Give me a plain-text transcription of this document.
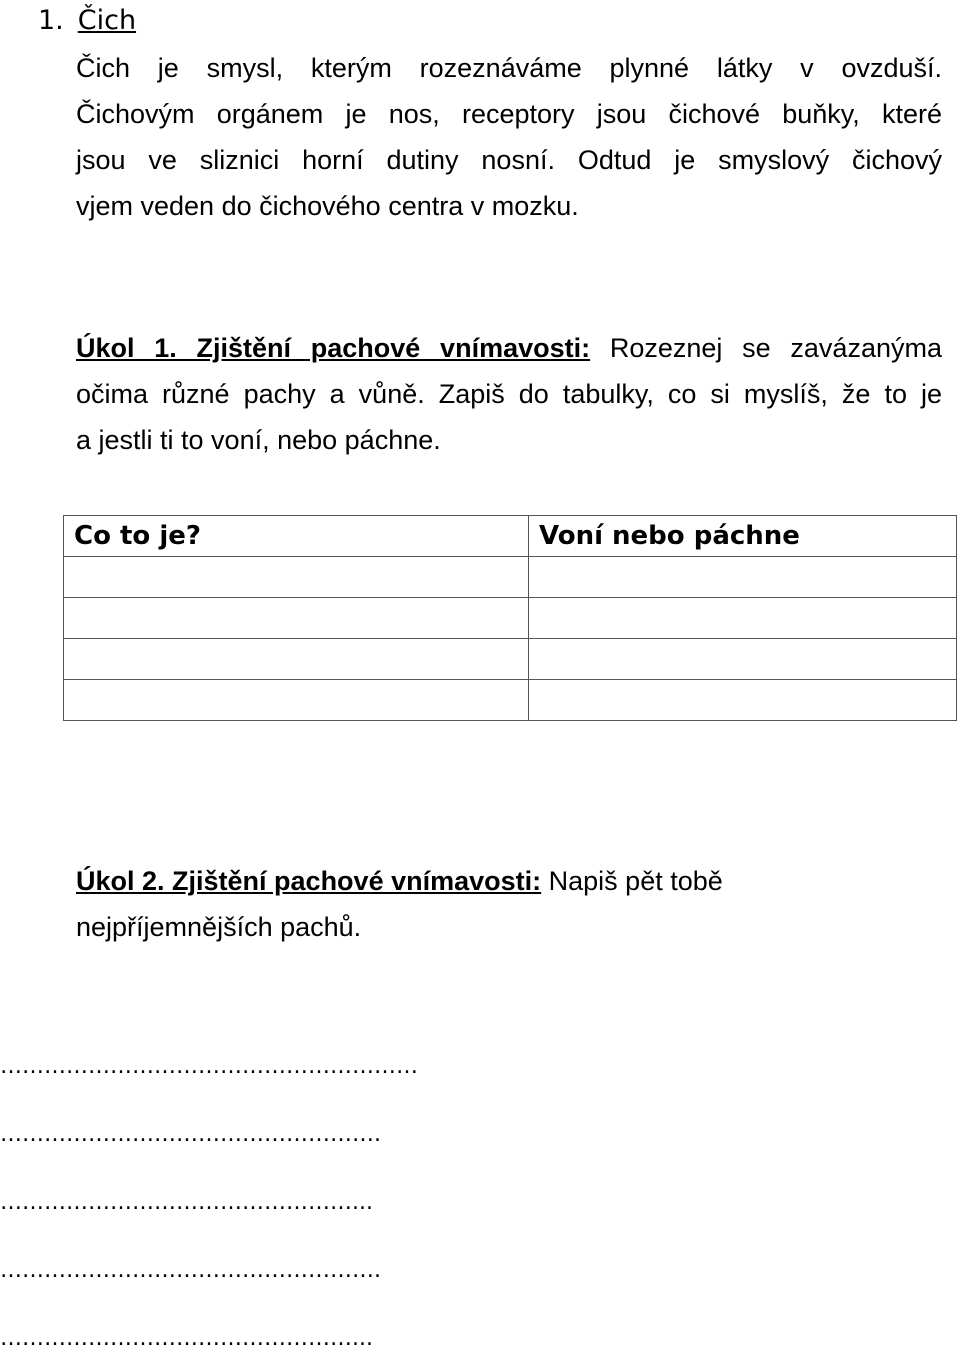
1. Čich
Čich je smysl, kterým rozeznáváme plynné látky v ovzduší.
Čichovým orgánem je nos, receptory jsou čichové buňky, které
jsou ve sliznici horní dutiny nosní. Odtud je smyslový čichový
vjem veden do čichového centra v mozku.
Úkol 1. Zjištění pachové vnímavosti: Rozeznej se zavázanýma
očima různé pachy a vůně. Zapiš do tabulky, co si myslíš, že to je
a jestli ti to voní, nebo páchne.
Co to je?	Voní nebo páchne

Úkol 2. Zjištění pachové vnímavosti: Napiš pět tobě
nejpříjemnějších pachů.
…………………………………………………
…………………………………………….
…………………………………………...
…………………………………………….
…………………………………………...
